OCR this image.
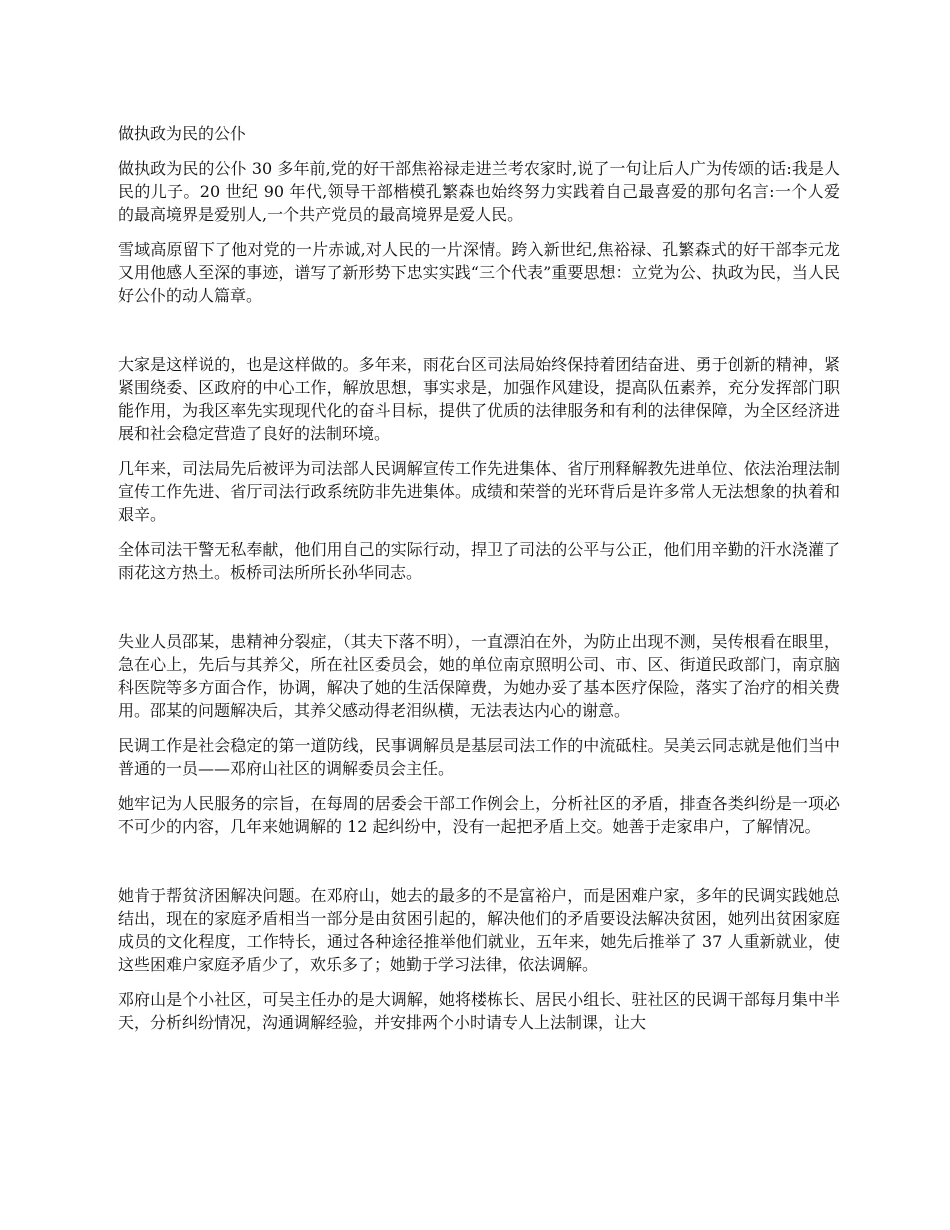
做执政为民的公仆

做执政为民的公仆 30 多年前,党的好干部焦裕禄走进兰考农家时,说了一句让后人广为传颂的话:我是人民的儿子。20 世纪 90 年代,领导干部楷模孔繁森也始终努力实践着自己最喜爱的那句名言:一个人爱的最高境界是爱别人,一个共产党员的最高境界是爱人民。

雪域高原留下了他对党的一片赤诚,对人民的一片深情。跨入新世纪,焦裕禄、孔繁森式的好干部李元龙又用他感人至深的事迹，谱写了新形势下忠实实践“三个代表”重要思想：立党为公、执政为民，当人民好公仆的动人篇章。

大家是这样说的，也是这样做的。多年来，雨花台区司法局始终保持着团结奋进、勇于创新的精神，紧紧围绕委、区政府的中心工作，解放思想，事实求是，加强作风建设，提高队伍素养，充分发挥部门职能作用，为我区率先实现现代化的奋斗目标，提供了优质的法律服务和有利的法律保障，为全区经济进展和社会稳定营造了良好的法制环境。

几年来，司法局先后被评为司法部人民调解宣传工作先进集体、省厅刑释解教先进单位、依法治理法制宣传工作先进、省厅司法行政系统防非先进集体。成绩和荣誉的光环背后是许多常人无法想象的执着和艰辛。

全体司法干警无私奉献，他们用自己的实际行动，捍卫了司法的公平与公正，他们用辛勤的汗水浇灌了雨花这方热土。板桥司法所所长孙华同志。

失业人员邵某，患精神分裂症，（其夫下落不明），一直漂泊在外，为防止出现不测，吴传根看在眼里，急在心上，先后与其养父，所在社区委员会，她的单位南京照明公司、市、区、街道民政部门，南京脑科医院等多方面合作，协调，解决了她的生活保障费，为她办妥了基本医疗保险，落实了治疗的相关费用。邵某的问题解决后，其养父感动得老泪纵横，无法表达内心的谢意。

民调工作是社会稳定的第一道防线，民事调解员是基层司法工作的中流砥柱。吴美云同志就是他们当中普通的一员——邓府山社区的调解委员会主任。

她牢记为人民服务的宗旨，在每周的居委会干部工作例会上，分析社区的矛盾，排查各类纠纷是一项必不可少的内容，几年来她调解的 12 起纠纷中，没有一起把矛盾上交。她善于走家串户，了解情况。

她肯于帮贫济困解决问题。在邓府山，她去的最多的不是富裕户，而是困难户家，多年的民调实践她总结出，现在的家庭矛盾相当一部分是由贫困引起的，解决他们的矛盾要设法解决贫困，她列出贫困家庭成员的文化程度，工作特长，通过各种途径推举他们就业，五年来，她先后推举了 37 人重新就业，使这些困难户家庭矛盾少了，欢乐多了；她勤于学习法律，依法调解。

邓府山是个小社区，可吴主任办的是大调解，她将楼栋长、居民小组长、驻社区的民调干部每月集中半天，分析纠纷情况，沟通调解经验，并安排两个小时请专人上法制课，让大
